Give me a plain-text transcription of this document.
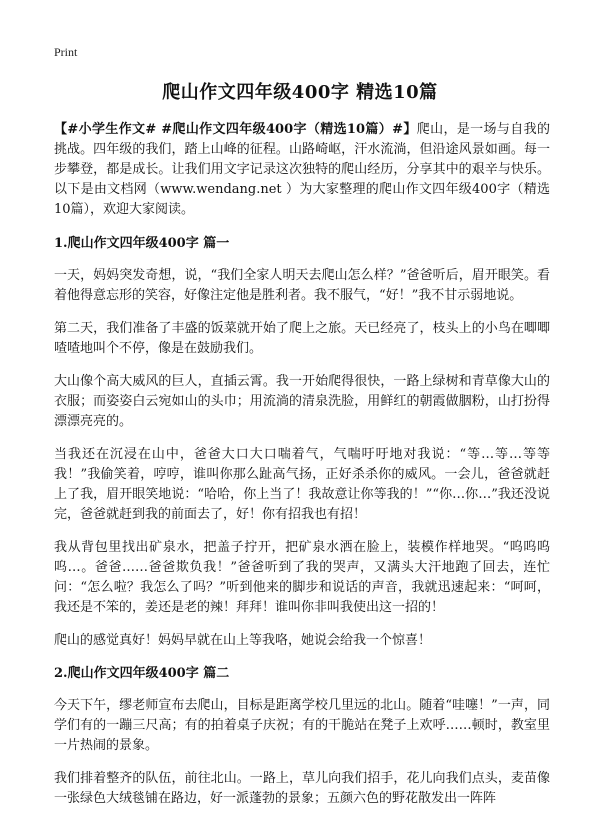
Print
爬山作文四年级400字 精选10篇

【#小学生作文# #爬山作文四年级400字（精选10篇）#】爬山，是一场与自我的挑战。四年级的我们，踏上山峰的征程。山路崎岖，汗水流淌，但沿途风景如画。每一步攀登，都是成长。让我们用文字记录这次独特的爬山经历，分享其中的艰辛与快乐。以下是由文档网（www.wendang.net ）为大家整理的爬山作文四年级400字（精选10篇），欢迎大家阅读。

1.爬山作文四年级400字 篇一

一天，妈妈突发奇想，说，“我们全家人明天去爬山怎么样？”爸爸听后，眉开眼笑。看着他得意忘形的笑容，好像注定他是胜利者。我不服气，“好！”我不甘示弱地说。

第二天，我们准备了丰盛的饭菜就开始了爬上之旅。天已经亮了，枝头上的小鸟在唧唧喳喳地叫个不停，像是在鼓励我们。

大山像个高大威风的巨人，直插云霄。我一开始爬得很快，一路上绿树和青草像大山的衣服；而姿姿白云宛如山的头巾；用流淌的清泉洗脸，用鲜红的朝霞做胭粉，山打扮得漂漂亮亮的。

当我还在沉浸在山中，爸爸大口大口喘着气，气喘吁吁地对我说：“等…等…等等我！”我偷笑着，哼哼，谁叫你那么趾高气扬，正好杀杀你的威风。一会儿，爸爸就赶上了我，眉开眼笑地说：“哈哈，你上当了！我故意让你等我的！”“你…你…”我还没说完，爸爸就赶到我的前面去了，好！你有招我也有招！

我从背包里找出矿泉水，把盖子拧开，把矿泉水洒在脸上，装模作样地哭。“呜呜呜呜…。爸爸……爸爸欺负我！”爸爸听到了我的哭声，又满头大汗地跑了回去，连忙问：“怎么啦？我怎么了吗？”听到他来的脚步和说话的声音，我就迅速起来：“呵呵，我还是不笨的，姜还是老的辣！拜拜！谁叫你非叫我使出这一招的！

爬山的感觉真好！妈妈早就在山上等我咯，她说会给我一个惊喜！

2.爬山作文四年级400字 篇二

今天下午，缪老师宣布去爬山，目标是距离学校几里远的北山。随着“哇噻！”一声，同学们有的一蹦三尺高；有的拍着桌子庆祝；有的干脆站在凳子上欢呼……顿时，教室里一片热闹的景象。

我们排着整齐的队伍，前往北山。一路上，草儿向我们招手，花儿向我们点头，麦苗像一张绿色大绒毯铺在路边，好一派蓬勃的景象；五颜六色的野花散发出一阵阵
